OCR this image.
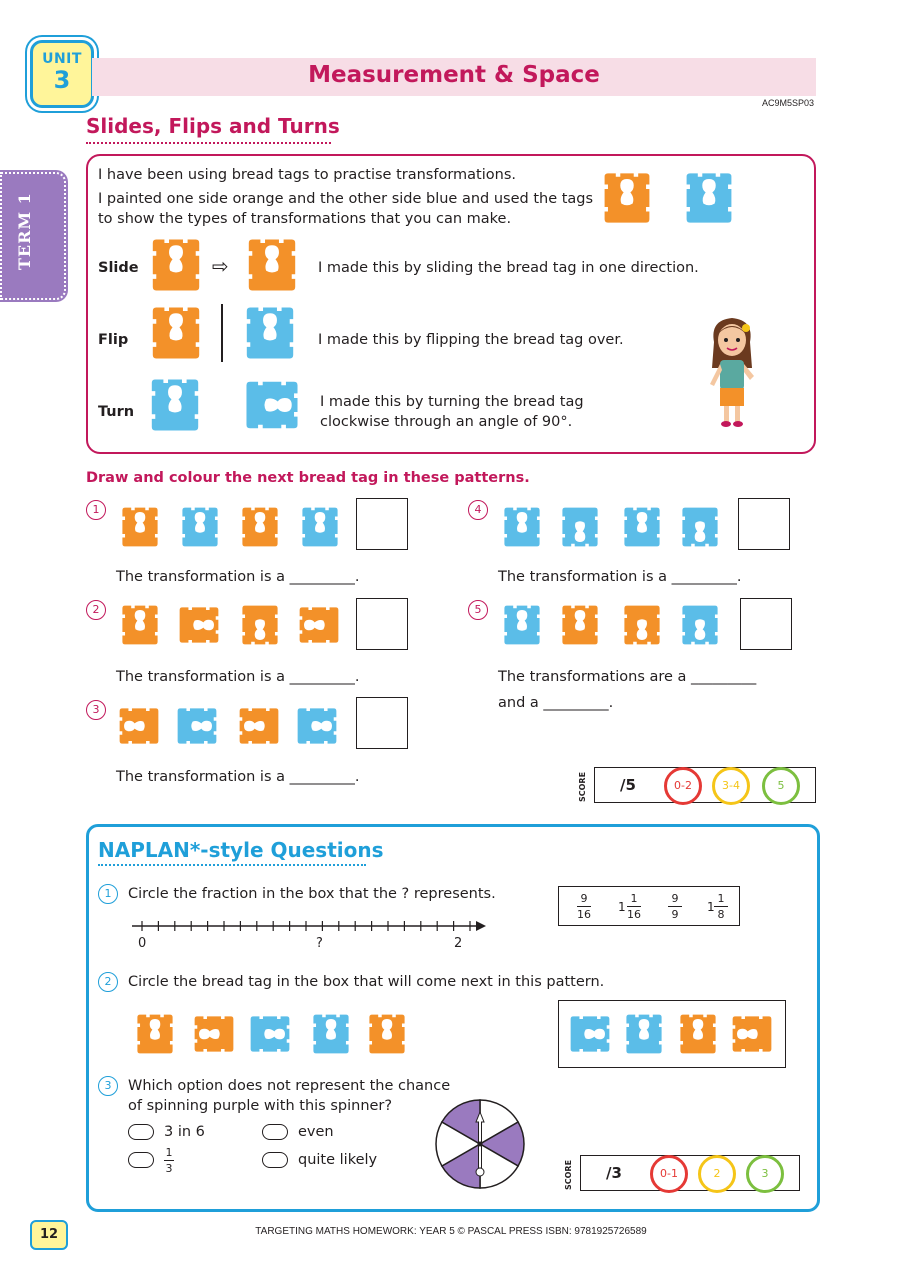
UNIT
3	Measurement & Space
AC9M5SP03
TERM 1
Slides, Flips and Turns
I have been using bread tags to practise transformations.
I painted one side orange and the other side blue and used the tags
to show the types of transformations that you can make.
Slide	⇨	I made this by sliding the bread tag in one direction.
Flip	I made this by flipping the bread tag over.
Turn
I made this by turning the bread tag
clockwise through an angle of 90°.
Draw and colour the next bread tag in these patterns.
1
The transformation is a _________.
2
The transformation is a _________.
3
The transformation is a _________.
4
The transformation is a _________.
5
The transformations are a _________
and a _________.
SCORE /5	0-2	3-4	5
NAPLAN*-style Questions
1	Circle the fraction in the box that the ? represents.
0	?	2
9
16
1
1
16
9
9
1
1
8
2	Circle the bread tag in the box that will come next in this pattern.
3	Which option does not represent the chance
of spinning purple with this spinner?
3 in 6	even
1
3
quite likely	SCORE /3	0-1	2	3
12	TARGETING MATHS HOMEWORK: YEAR 5 © PASCAL PRESS ISBN: 9781925726589
